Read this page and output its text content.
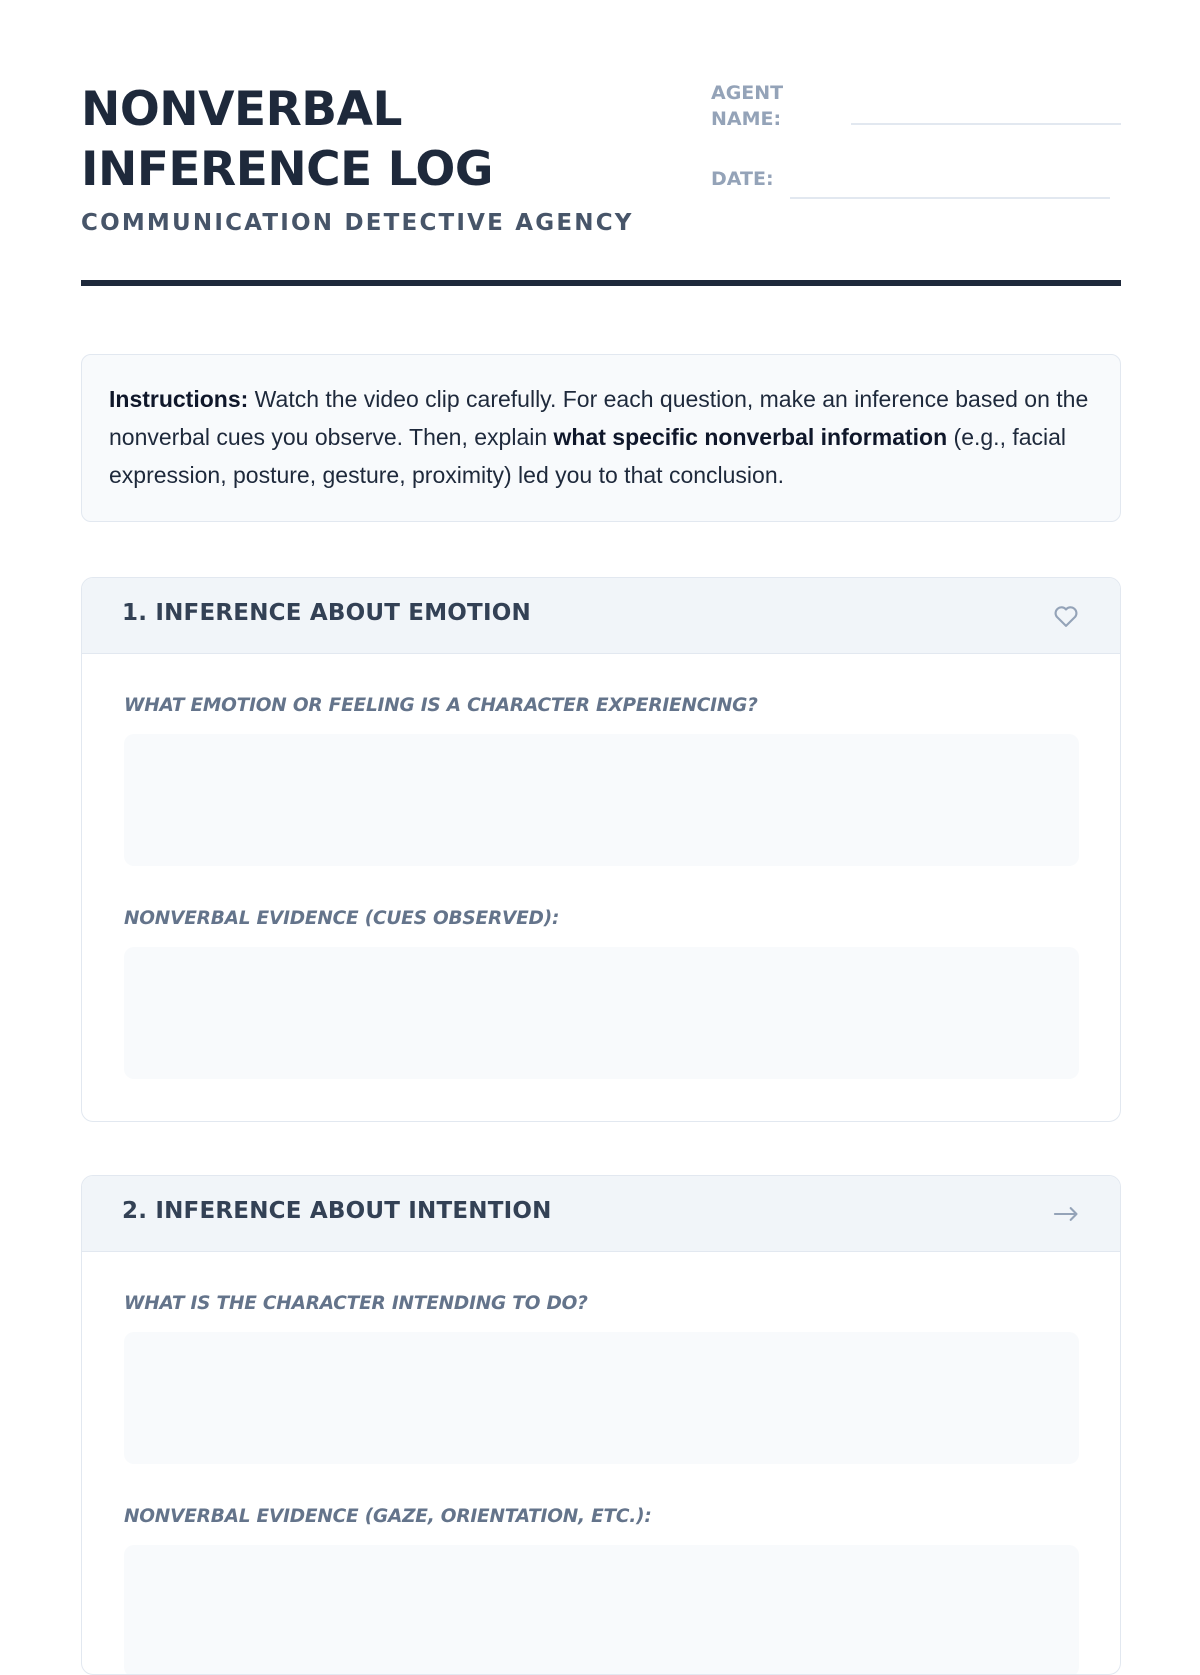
NONVERBAL
INFERENCE LOG
COMMUNICATION DETECTIVE AGENCY
AGENT
NAME:
DATE:
Instructions: Watch the video clip carefully. For each question, make an inference based on the nonverbal cues you observe. Then, explain what specific nonverbal information (e.g., facial expression, posture, gesture, proximity) led you to that conclusion.
1. INFERENCE ABOUT EMOTION
WHAT EMOTION OR FEELING IS A CHARACTER EXPERIENCING?
NONVERBAL EVIDENCE (CUES OBSERVED):
2. INFERENCE ABOUT INTENTION
WHAT IS THE CHARACTER INTENDING TO DO?
NONVERBAL EVIDENCE (GAZE, ORIENTATION, ETC.):
